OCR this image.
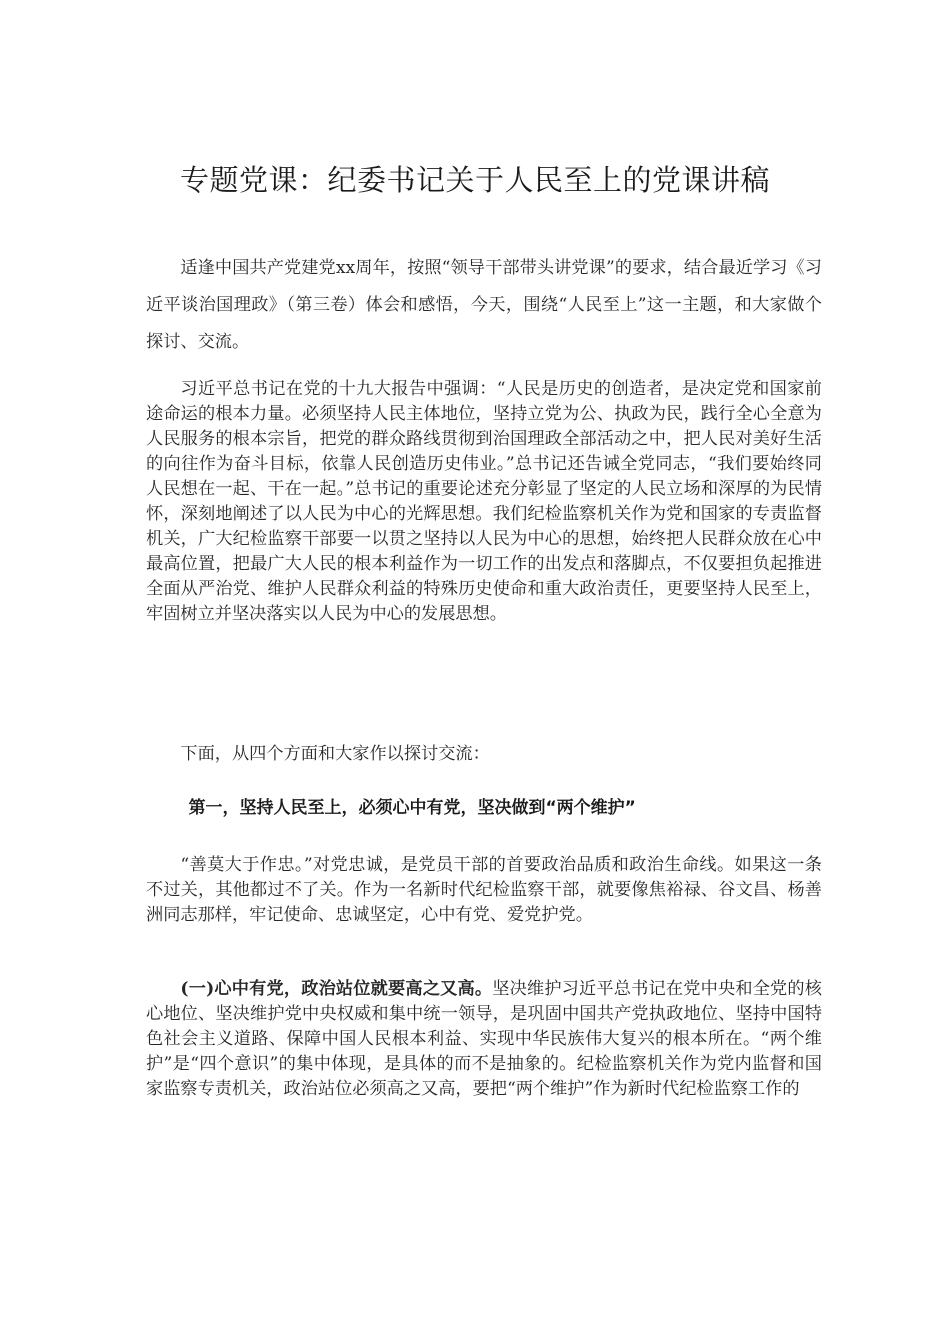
专题党课：纪委书记关于人民至上的党课讲稿

适逢中国共产党建党xx周年，按照“领导干部带头讲党课”的要求，结合最近学习《习近平谈治国理政》（第三卷）体会和感悟，今天，围绕“人民至上”这一主题，和大家做个探讨、交流。

习近平总书记在党的十九大报告中强调：“人民是历史的创造者，是决定党和国家前途命运的根本力量。必须坚持人民主体地位，坚持立党为公、执政为民，践行全心全意为人民服务的根本宗旨，把党的群众路线贯彻到治国理政全部活动之中，把人民对美好生活的向往作为奋斗目标，依靠人民创造历史伟业。”总书记还告诫全党同志，“我们要始终同人民想在一起、干在一起。”总书记的重要论述充分彰显了坚定的人民立场和深厚的为民情怀，深刻地阐述了以人民为中心的光辉思想。我们纪检监察机关作为党和国家的专责监督机关，广大纪检监察干部要一以贯之坚持以人民为中心的思想，始终把人民群众放在心中最高位置，把最广大人民的根本利益作为一切工作的出发点和落脚点，不仅要担负起推进全面从严治党、维护人民群众利益的特殊历史使命和重大政治责任，更要坚持人民至上，牢固树立并坚决落实以人民为中心的发展思想。

下面，从四个方面和大家作以探讨交流：

第一，坚持人民至上，必须心中有党，坚决做到“两个维护”

“善莫大于作忠。”对党忠诚，是党员干部的首要政治品质和政治生命线。如果这一条不过关，其他都过不了关。作为一名新时代纪检监察干部，就要像焦裕禄、谷文昌、杨善洲同志那样，牢记使命、忠诚坚定，心中有党、爱党护党。

(一)心中有党，政治站位就要高之又高。坚决维护习近平总书记在党中央和全党的核心地位、坚决维护党中央权威和集中统一领导，是巩固中国共产党执政地位、坚持中国特色社会主义道路、保障中国人民根本利益、实现中华民族伟大复兴的根本所在。“两个维护”是“四个意识”的集中体现，是具体的而不是抽象的。纪检监察机关作为党内监督和国家监察专责机关，政治站位必须高之又高，要把“两个维护”作为新时代纪检监察工作的
